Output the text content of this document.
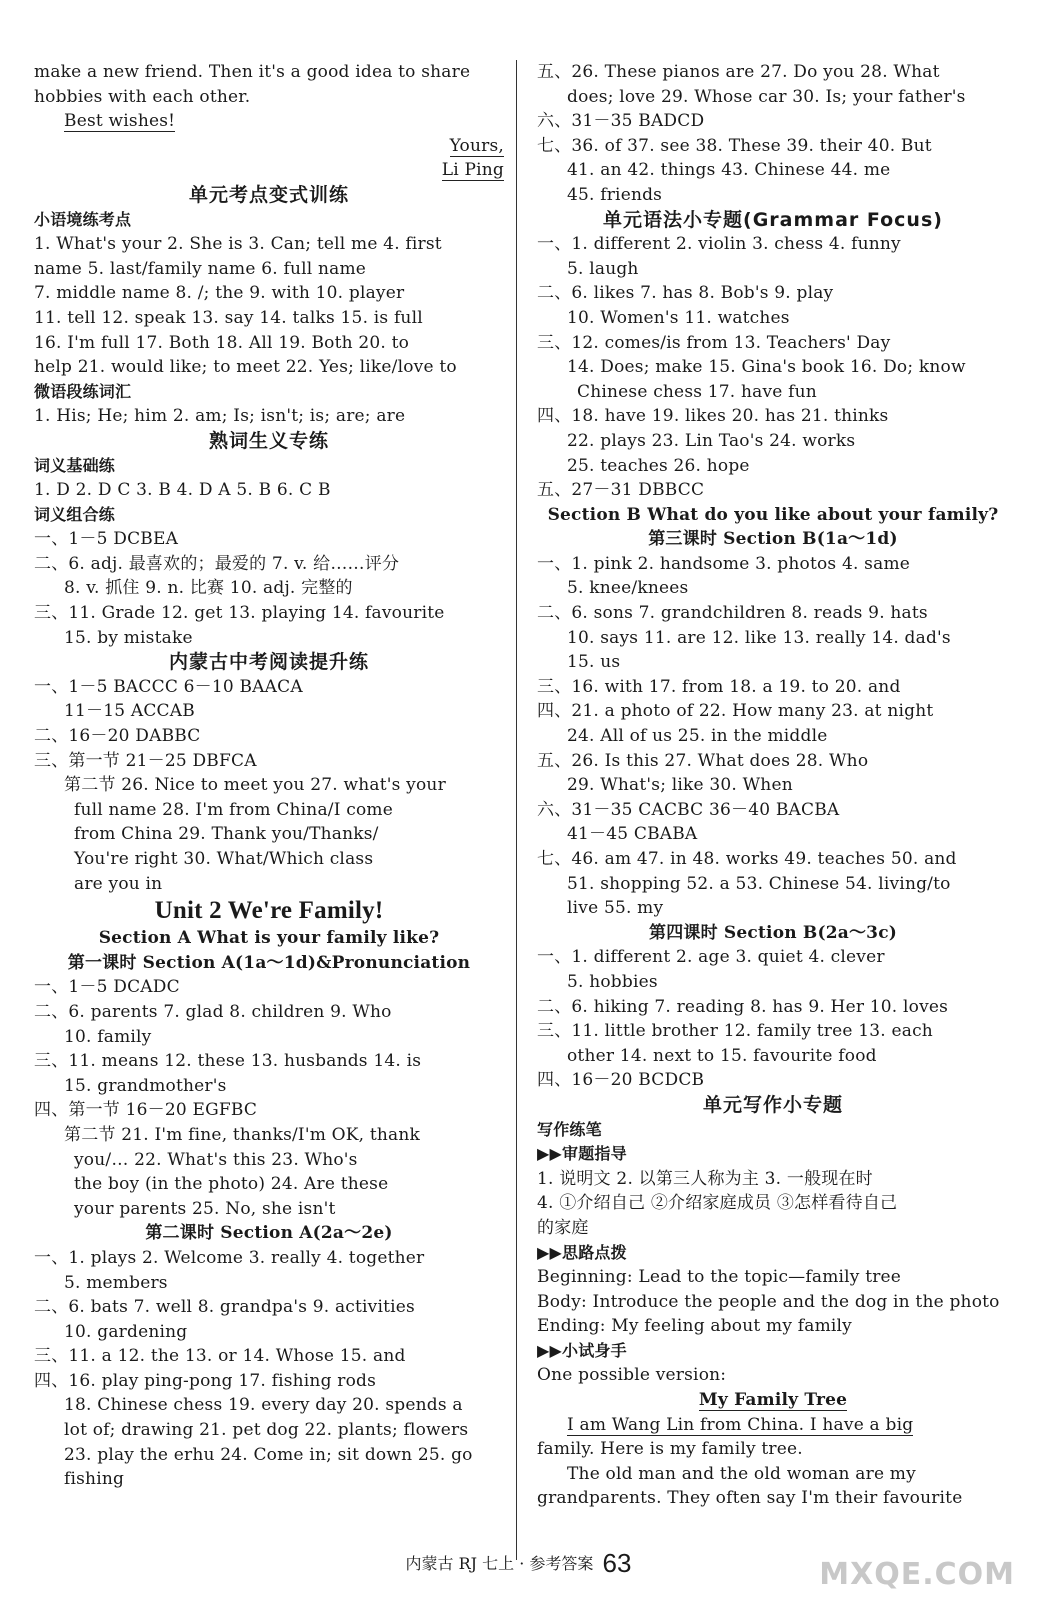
make a new friend. Then it's a good idea to share
hobbies with each other.
Best wishes!
Yours,
Li Ping
单元考点变式训练
小语境练考点
1. What's your 2. She is 3. Can; tell me 4. first
name 5. last/family name 6. full name
7. middle name 8. /; the 9. with 10. player
11. tell 12. speak 13. say 14. talks 15. is full
16. I'm full 17. Both 18. All 19. Both 20. to
help 21. would like; to meet 22. Yes; like/love to
微语段练词汇
1. His; He; him 2. am; Is; isn't; is; are; are
熟词生义专练
词义基础练
1. D 2. D C 3. B 4. D A 5. B 6. C B
词义组合练
一、1－5 DCBEA
二、6. adj. 最喜欢的；最爱的 7. v. 给……评分
8. v. 抓住 9. n. 比赛 10. adj. 完整的
三、11. Grade 12. get 13. playing 14. favourite
15. by mistake
内蒙古中考阅读提升练
一、1－5 BACCC 6－10 BAACA
11－15 ACCAB
二、16－20 DABBC
三、第一节 21－25 DBFCA
第二节 26. Nice to meet you 27. what's your
full name 28. I'm from China/I come
from China 29. Thank you/Thanks/
You're right 30. What/Which class
are you in
Unit 2 We're Family!
Section A What is your family like?
第一课时 Section A(1a～1d)&Pronunciation
一、1－5 DCADC
二、6. parents 7. glad 8. children 9. Who
10. family
三、11. means 12. these 13. husbands 14. is
15. grandmother's
四、第一节 16－20 EGFBC
第二节 21. I'm fine, thanks/I'm OK, thank
you/… 22. What's this 23. Who's
the boy (in the photo) 24. Are these
your parents 25. No, she isn't
第二课时 Section A(2a～2e)
一、1. plays 2. Welcome 3. really 4. together
5. members
二、6. bats 7. well 8. grandpa's 9. activities
10. gardening
三、11. a 12. the 13. or 14. Whose 15. and
四、16. play ping-pong 17. fishing rods
18. Chinese chess 19. every day 20. spends a
lot of; drawing 21. pet dog 22. plants; flowers
23. play the erhu 24. Come in; sit down 25. go
fishing
五、26. These pianos are 27. Do you 28. What
does; love 29. Whose car 30. Is; your father's
六、31－35 BADCD
七、36. of 37. see 38. These 39. their 40. But
41. an 42. things 43. Chinese 44. me
45. friends
单元语法小专题(Grammar Focus)
一、1. different 2. violin 3. chess 4. funny
5. laugh
二、6. likes 7. has 8. Bob's 9. play
10. Women's 11. watches
三、12. comes/is from 13. Teachers' Day
14. Does; make 15. Gina's book 16. Do; know
Chinese chess 17. have fun
四、18. have 19. likes 20. has 21. thinks
22. plays 23. Lin Tao's 24. works
25. teaches 26. hope
五、27－31 DBBCC
Section B What do you like about your family?
第三课时 Section B(1a～1d)
一、1. pink 2. handsome 3. photos 4. same
5. knee/knees
二、6. sons 7. grandchildren 8. reads 9. hats
10. says 11. are 12. like 13. really 14. dad's
15. us
三、16. with 17. from 18. a 19. to 20. and
四、21. a photo of 22. How many 23. at night
24. All of us 25. in the middle
五、26. Is this 27. What does 28. Who
29. What's; like 30. When
六、31－35 CACBC 36－40 BACBA
41－45 CBABA
七、46. am 47. in 48. works 49. teaches 50. and
51. shopping 52. a 53. Chinese 54. living/to
live 55. my
第四课时 Section B(2a～3c)
一、1. different 2. age 3. quiet 4. clever
5. hobbies
二、6. hiking 7. reading 8. has 9. Her 10. loves
三、11. little brother 12. family tree 13. each
other 14. next to 15. favourite food
四、16－20 BCDCB
单元写作小专题
写作练笔
▶▶审题指导
1. 说明文 2. 以第三人称为主 3. 一般现在时
4. ①介绍自己 ②介绍家庭成员 ③怎样看待自己
的家庭
▶▶思路点拨
Beginning: Lead to the topic—family tree
Body: Introduce the people and the dog in the photo
Ending: My feeling about my family
▶▶小试身手
One possible version:
My Family Tree
I am Wang Lin from China. I have a big
family. Here is my family tree.
The old man and the old woman are my
grandparents. They often say I'm their favourite
内蒙古 RJ 七上 · 参考答案 63	MXQE.COM
